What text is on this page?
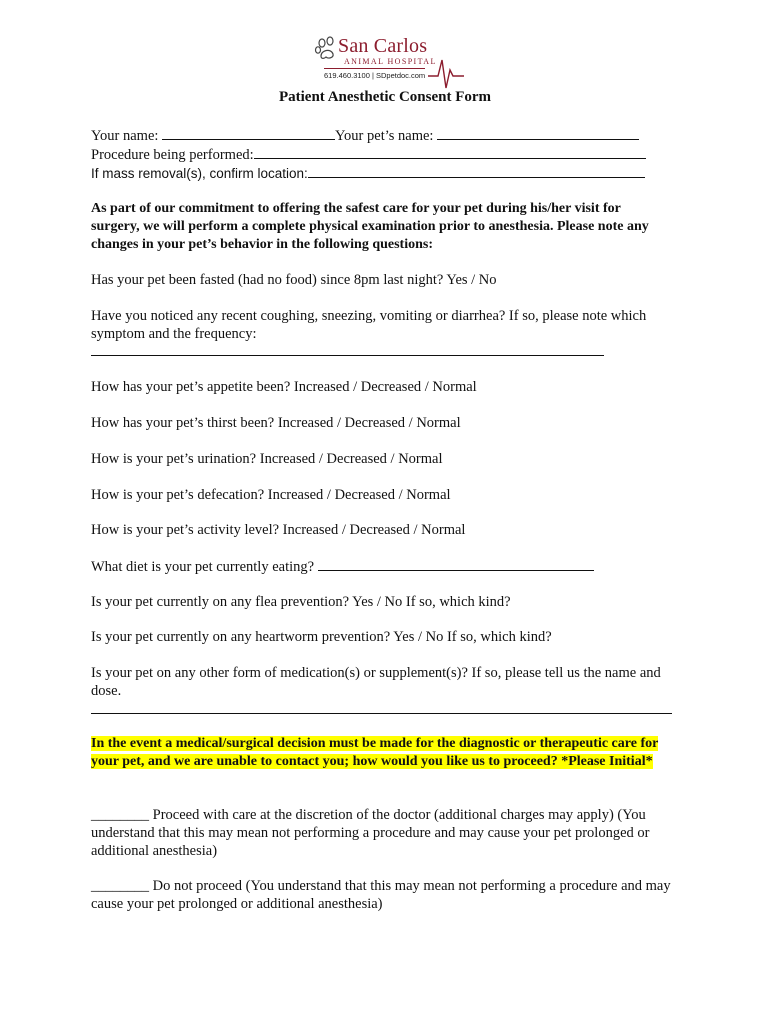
San Carlos
ANIMAL HOSPITAL
619.460.3100 | SDpetdoc.com
Patient Anesthetic Consent Form
Your name:	Your pet’s name:
Procedure being performed:
If mass removal(s), confirm location:
As part of our commitment to offering the safest care for your pet during his/her visit for surgery, we will perform a complete physical examination prior to anesthesia. Please note any changes in your pet’s behavior in the following questions:
Has your pet been fasted (had no food) since 8pm last night? Yes / No
Have you noticed any recent coughing, sneezing, vomiting or diarrhea? If so, please note which symptom and the frequency:
How has your pet’s appetite been? Increased / Decreased / Normal
How has your pet’s thirst been? Increased / Decreased / Normal
How is your pet’s urination? Increased / Decreased / Normal
How is your pet’s defecation? Increased / Decreased / Normal
How is your pet’s activity level? Increased / Decreased / Normal
What diet is your pet currently eating?
Is your pet currently on any flea prevention? Yes / No If so, which kind?
Is your pet currently on any heartworm prevention? Yes / No If so, which kind?
Is your pet on any other form of medication(s) or supplement(s)? If so, please tell us the name and dose.
In the event a medical/surgical decision must be made for the diagnostic or therapeutic care for your pet, and we are unable to contact you; how would you like us to proceed? *Please Initial*
________ Proceed with care at the discretion of the doctor (additional charges may apply) (You understand that this may mean not performing a procedure and may cause your pet prolonged or additional anesthesia)
________ Do not proceed (You understand that this may mean not performing a procedure and may cause your pet prolonged or additional anesthesia)
